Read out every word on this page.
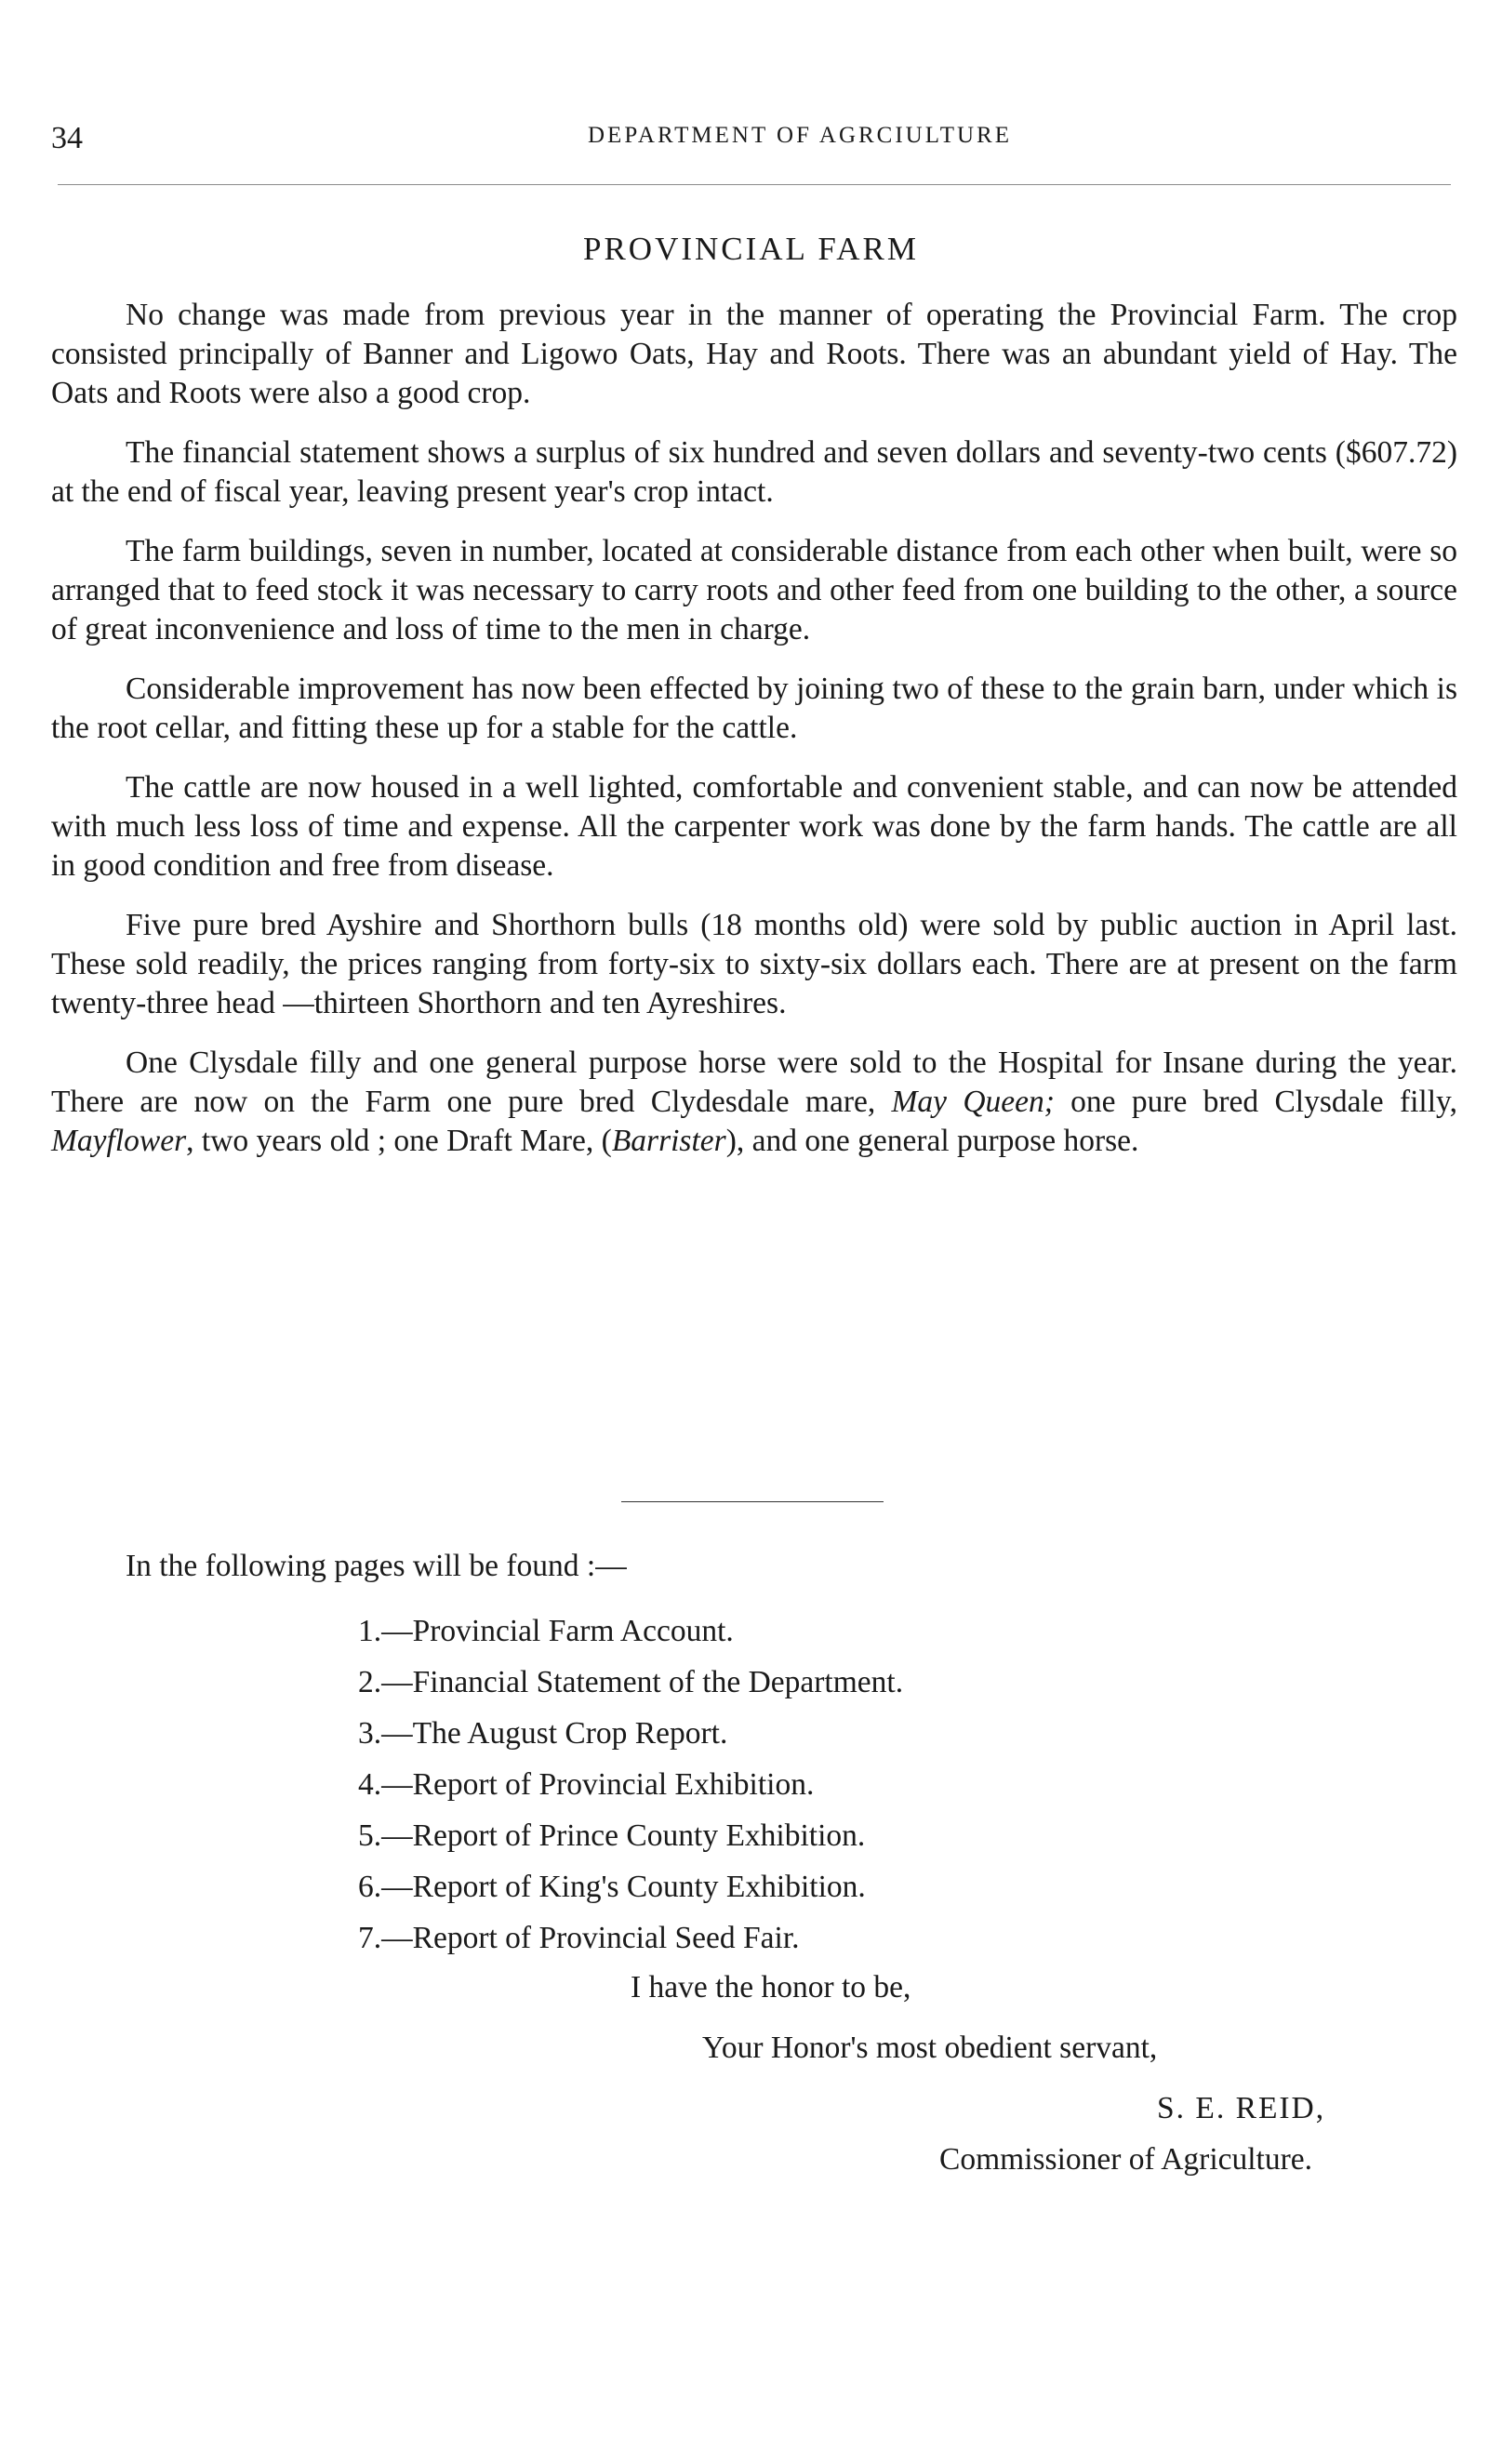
34	DEPARTMENT OF AGRCIULTURE
PROVINCIAL FARM

No change was made from previous year in the manner of operating the Provincial Farm. The crop consisted principally of Banner and Ligowo Oats, Hay and Roots. There was an abundant yield of Hay. The Oats and Roots were also a good crop.

The financial statement shows a surplus of six hundred and seven dollars and seventy-two cents ($607.72) at the end of fiscal year, leaving present year's crop intact.

The farm buildings, seven in number, located at considerable distance from each other when built, were so arranged that to feed stock it was necessary to carry roots and other feed from one building to the other, a source of great inconvenience and loss of time to the men in charge.

Considerable improvement has now been effected by joining two of these to the grain barn, under which is the root cellar, and fitting these up for a stable for the cattle.

The cattle are now housed in a well lighted, comfortable and convenient stable, and can now be attended with much less loss of time and expense. All the carpenter work was done by the farm hands. The cattle are all in good condition and free from disease.

Five pure bred Ayshire and Shorthorn bulls (18 months old) were sold by public auction in April last. These sold readily, the prices ranging from forty-six to sixty-six dollars each. There are at present on the farm twenty-three head —thirteen Shorthorn and ten Ayreshires.

One Clysdale filly and one general purpose horse were sold to the Hospital for Insane during the year. There are now on the Farm one pure bred Clydesdale mare, May Queen; one pure bred Clysdale filly, Mayflower, two years old ; one Draft Mare, (Barrister), and one general purpose horse.

In the following pages will be found :—
1.—Provincial Farm Account.
2.—Financial Statement of the Department.
3.—The August Crop Report.
4.—Report of Provincial Exhibition.
5.—Report of Prince County Exhibition.
6.—Report of King's County Exhibition.
7.—Report of Provincial Seed Fair.
I have the honor to be,
Your Honor's most obedient servant,
S. E. REID,
Commissioner of Agriculture.
